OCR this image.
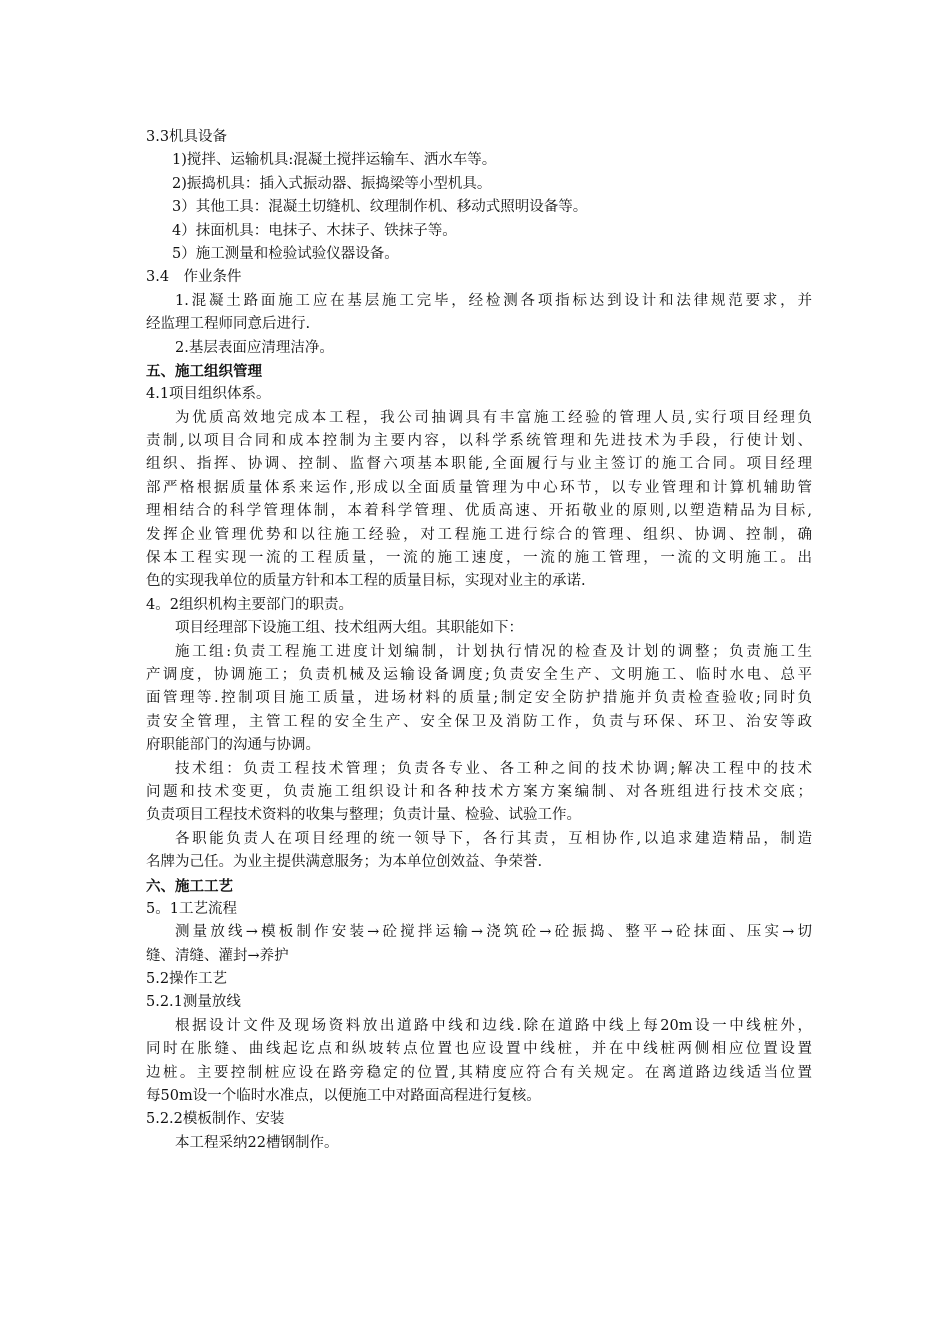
3.3机具设备
1)搅拌、运输机具:混凝土搅拌运输车、洒水车等。
2)振捣机具：插入式振动器、振捣梁等小型机具。
3）其他工具：混凝土切缝机、纹理制作机、移动式照明设备等。
4）抹面机具：电抹子、木抹子、铁抹子等。
5）施工测量和检验试验仪器设备。
3.4　作业条件
1.混凝土路面施工应在基层施工完毕，经检测各项指标达到设计和法律规范要求，并
经监理工程师同意后进行.
2.基层表面应清理洁净。
五、施工组织管理
4.1项目组织体系。
为优质高效地完成本工程，我公司抽调具有丰富施工经验的管理人员,实行项目经理负
责制,以项目合同和成本控制为主要内容，以科学系统管理和先进技术为手段，行使计划、
组织、指挥、协调、控制、监督六项基本职能,全面履行与业主签订的施工合同。项目经理
部严格根据质量体系来运作,形成以全面质量管理为中心环节，以专业管理和计算机辅助管
理相结合的科学管理体制，本着科学管理、优质高速、开拓敬业的原则,以塑造精品为目标,
发挥企业管理优势和以往施工经验，对工程施工进行综合的管理、组织、协调、控制，确
保本工程实现一流的工程质量，一流的施工速度，一流的施工管理，一流的文明施工。出
色的实现我单位的质量方针和本工程的质量目标，实现对业主的承诺.
4。2组织机构主要部门的职责。
项目经理部下设施工组、技术组两大组。其职能如下：
施工组:负责工程施工进度计划编制，计划执行情况的检查及计划的调整；负责施工生
产调度，协调施工；负责机械及运输设备调度;负责安全生产、文明施工、临时水电、总平
面管理等.控制项目施工质量，进场材料的质量;制定安全防护措施并负责检查验收;同时负
责安全管理，主管工程的安全生产、安全保卫及消防工作，负责与环保、环卫、治安等政
府职能部门的沟通与协调。
技术组：负责工程技术管理；负责各专业、各工种之间的技术协调;解决工程中的技术
问题和技术变更，负责施工组织设计和各种技术方案方案编制、对各班组进行技术交底；
负责项目工程技术资料的收集与整理；负责计量、检验、试验工作。
各职能负责人在项目经理的统一领导下，各行其责，互相协作,以追求建造精品，制造
名牌为己任。为业主提供满意服务；为本单位创效益、争荣誉.
六、施工工艺
5。1工艺流程
测量放线→模板制作安装→砼搅拌运输→浇筑砼→砼振捣、整平→砼抹面、压实→切
缝、清缝、灌封→养护
5.2操作工艺
5.2.1测量放线
根据设计文件及现场资料放出道路中线和边线.除在道路中线上每20m设一中线桩外，
同时在胀缝、曲线起讫点和纵坡转点位置也应设置中线桩，并在中线桩两侧相应位置设置
边桩。主要控制桩应设在路旁稳定的位置,其精度应符合有关规定。在离道路边线适当位置
每50m设一个临时水准点，以便施工中对路面高程进行复核。
5.2.2模板制作、安装
本工程采纳22槽钢制作。
